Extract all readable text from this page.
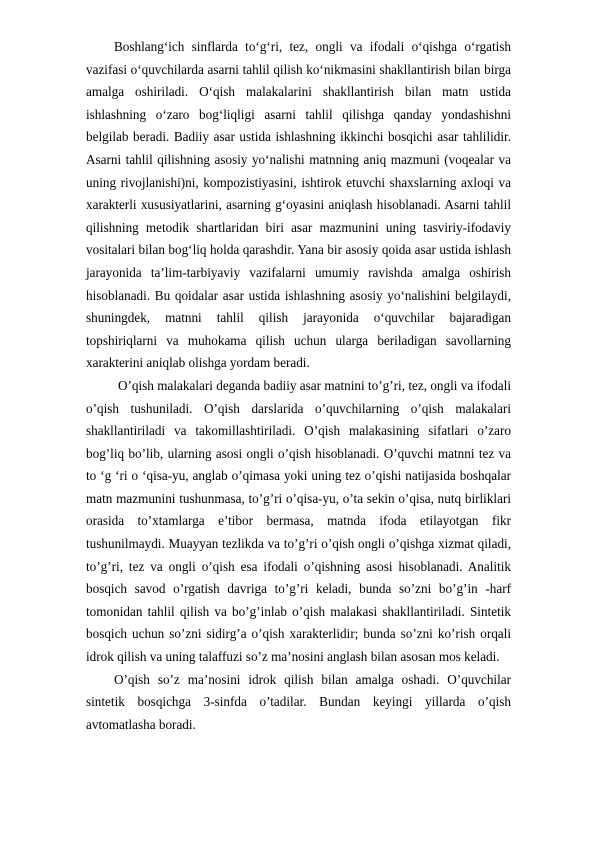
Boshlang‘ich sinflarda to‘g‘ri, tez, ongli va ifodali o‘qishga o‘rgatish vazifasi o‘quvchilarda asarni tahlil qilish ko‘nikmasini shakllantirish bilan birga amalga oshiriladi. O‘qish malakalarini shakllantirish bilan matn ustida ishlashning o‘zaro bog‘liqligi asarni tahlil qilishga qanday yondashishni belgilab beradi. Badiiy asar ustida ishlashning ikkinchi bosqichi asar tahlilidir. Asarni tahlil qilishning asosiy yo‘nalishi matnning aniq mazmuni (voqealar va uning rivojlanishi)ni, kompozistiyasini, ishtirok etuvchi shaxslarning axloqi va xarakterli xususiyatlarini, asarning g‘oyasini aniqlash hisoblanadi. Asarni tahlil qilishning metodik shartlaridan biri asar mazmunini uning tasviriy-ifodaviy vositalari bilan bog‘liq holda qarashdir. Yana bir asosiy qoida asar ustida ishlash jarayonida ta’lim-tarbiyaviy vazifalarni umumiy ravishda amalga oshirish hisoblanadi. Bu qoidalar asar ustida ishlashning asosiy yo‘nalishini belgilaydi, shuningdek, matnni tahlil qilish jarayonida o‘quvchilar bajaradigan topshiriqlarni va muhokama qilish uchun ularga beriladigan savollarning xarakterini aniqlab olishga yordam beradi.

O’qish malakalari deganda badiiy asar matnini to’g’ri, tez, ongli va ifodali o’qish tushuniladi. O’qish darslarida o’quvchilarning o’qish malakalari shakllantiriladi va takomillashtiriladi. O’qish malakasining sifatlari o’zaro bog’liq bo’lib, ularning asosi ongli o’qish hisoblanadi. O’quvchi matnni tez va to ‘g ‘ri o ‘qisa-yu, anglab o’qimasa yoki uning tez o’qishi natijasida boshqalar matn mazmunini tushunmasa, to’g’ri o’qisa-yu, o’ta sekin o’qisa, nutq birliklari orasida to’xtamlarga e’tibor bermasa, matnda ifoda etilayotgan fikr tushunilmaydi. Muayyan tezlikda va to’g’ri o’qish ongli o’qishga xizmat qiladi, to’g’ri, tez va ongli o’qish esa ifodali o’qishning asosi hisoblanadi. Analitik bosqich savod o’rgatish davriga to’g’ri keladi, bunda so’zni bo’g’in -harf tomonidan tahlil qilish va bo’g’inlab o’qish malakasi shakllantiriladi. Sintetik bosqich uchun so’zni sidirg’a o’qish xarakterlidir; bunda so’zni ko’rish orqali idrok qilish va uning talaffuzi so’z ma’nosini anglash bilan asosan mos keladi.

O’qish so’z ma’nosini idrok qilish bilan amalga oshadi. O’quvchilar sintetik bosqichga 3-sinfda o’tadilar. Bundan keyingi yillarda o’qish avtomatlasha boradi.
